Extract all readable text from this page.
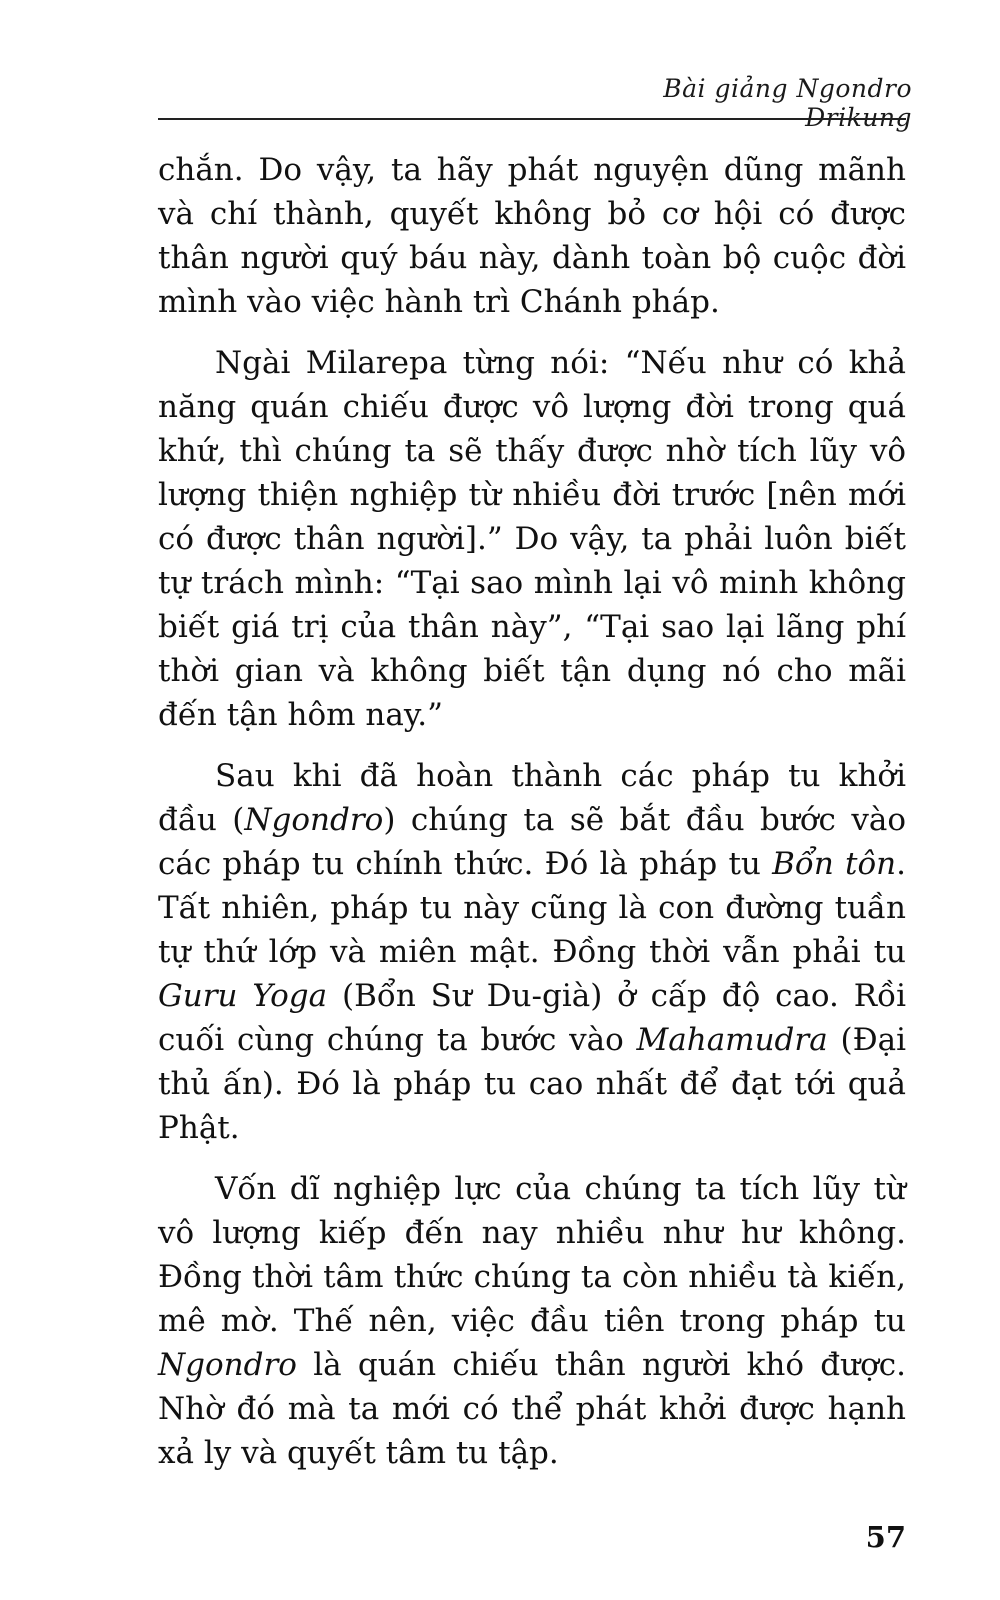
Bài giảng Ngondro Drikung

chắn. Do vậy, ta hãy phát nguyện dũng mãnh và chí thành, quyết không bỏ cơ hội có được thân người quý báu này, dành toàn bộ cuộc đời mình vào việc hành trì Chánh pháp.

Ngài Milarepa từng nói: “Nếu như có khả năng quán chiếu được vô lượng đời trong quá khứ, thì chúng ta sẽ thấy được nhờ tích lũy vô lượng thiện nghiệp từ nhiều đời trước [nên mới có được thân người].” Do vậy, ta phải luôn biết tự trách mình: “Tại sao mình lại vô minh không biết giá trị của thân này”, “Tại sao lại lãng phí thời gian và không biết tận dụng nó cho mãi đến tận hôm nay.”

Sau khi đã hoàn thành các pháp tu khởi đầu (Ngondro) chúng ta sẽ bắt đầu bước vào các pháp tu chính thức. Đó là pháp tu Bổn tôn. Tất nhiên, pháp tu này cũng là con đường tuần tự thứ lớp và miên mật. Đồng thời vẫn phải tu Guru Yoga (Bổn Sư Du-già) ở cấp độ cao. Rồi cuối cùng chúng ta bước vào Mahamudra (Đại thủ ấn). Đó là pháp tu cao nhất để đạt tới quả Phật.

Vốn dĩ nghiệp lực của chúng ta tích lũy từ vô lượng kiếp đến nay nhiều như hư không. Đồng thời tâm thức chúng ta còn nhiều tà kiến, mê mờ. Thế nên, việc đầu tiên trong pháp tu Ngondro là quán chiếu thân người khó được. Nhờ đó mà ta mới có thể phát khởi được hạnh xả ly và quyết tâm tu tập.

57
